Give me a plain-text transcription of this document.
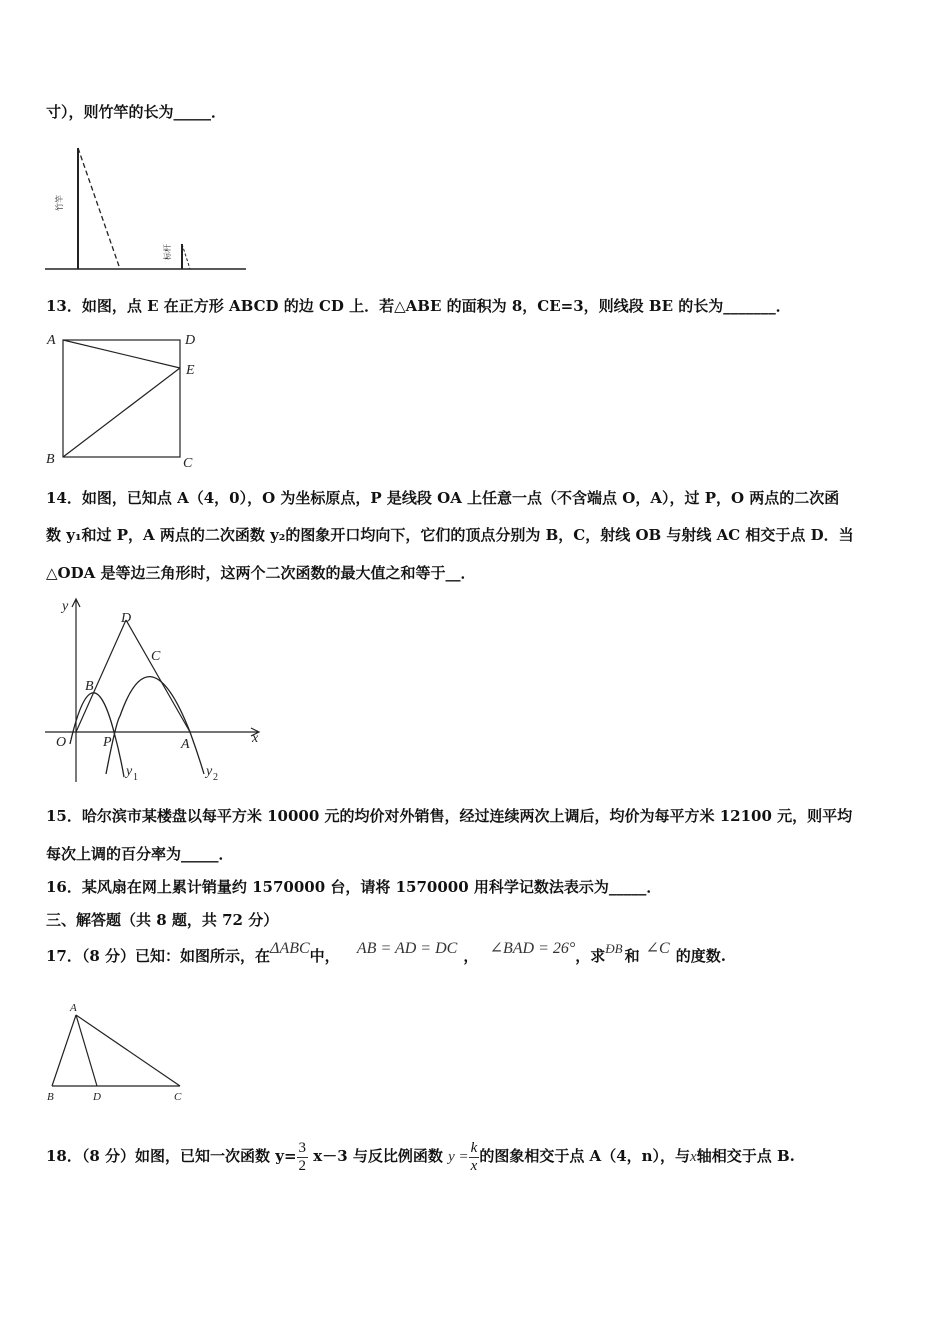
寸），则竹竿的长为_____．
竹竿
标杆
13．如图，点 E 在正方形 ABCD 的边 CD 上．若△ABE 的面积为 8，CE=3，则线段 BE 的长为_______．
A	D
E
B	C
14．如图，已知点 A（4，0），O 为坐标原点，P 是线段 OA 上任意一点（不含端点 O，A），过 P，O 两点的二次函
数 y₁和过 P，A 两点的二次函数 y₂的图象开口均向下，它们的顶点分别为 B，C，射线 OB 与射线 AC 相交于点 D．当
△ODA 是等边三角形时，这两个二次函数的最大值之和等于__．
y
x
O	P	A
B
C
D
y 1	y 2
15．哈尔滨市某楼盘以每平方米 10000 元的均价对外销售，经过连续两次上调后，均价为每平方米 12100 元，则平均
每次上调的百分率为_____．
16．某风扇在网上累计销量约 1570000 台，请将 1570000 用科学记数法表示为_____．
三、解答题（共 8 题，共 72 分）
17．（8 分）已知：如图所示，在ΔABC中， AB = AD = DC ， ∠BAD = 26°，求ÐB 和 ∠C 的度数.
A
B	D	C
18．（8 分）如图，已知一次函数 $y= \frac{3}{2} x-3$ 与反比例函数 $y = \frac{k}{x}$ 的图象相交于点 A（4，n），与x轴相交于点 B.
